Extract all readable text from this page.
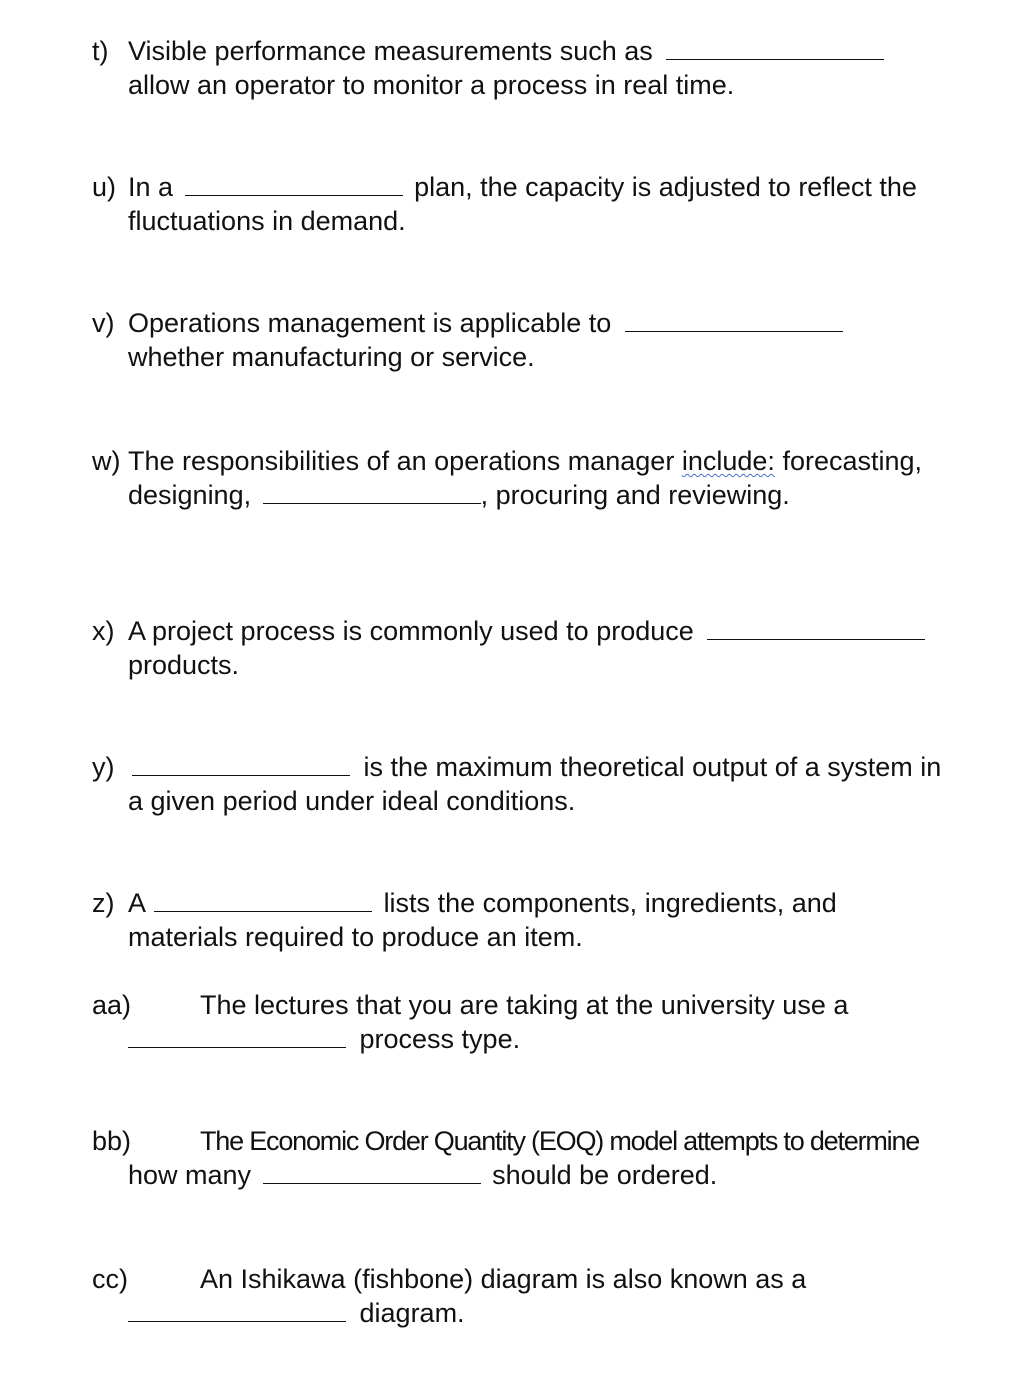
t) Visible performance measurements such as
allow an operator to monitor a process in real time.
u) In a	plan, the capacity is adjusted to reflect the
fluctuations in demand.
v) Operations management is applicable to
whether manufacturing or service.
w) The responsibilities of an operations manager include: forecasting,
designing,	, procuring and reviewing.
x) A project process is commonly used to produce
products.
y)	is the maximum theoretical output of a system in
a given period under ideal conditions.
z) A	lists the components, ingredients, and
materials required to produce an item.
aa)	The lectures that you are taking at the university use a
process type.
bb)	The Economic Order Quantity (EOQ) model attempts to determine
how many	should be ordered.
cc)	An Ishikawa (fishbone) diagram is also known as a
diagram.
